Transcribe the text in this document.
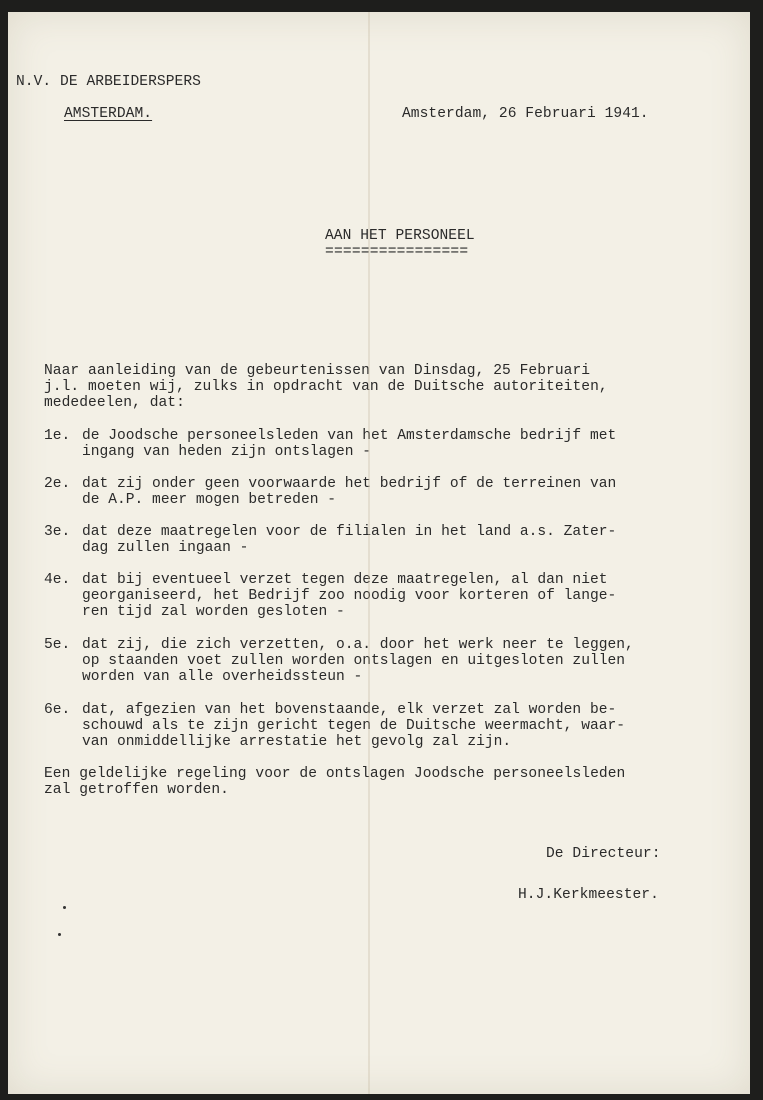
N.V. DE ARBEIDERSPERS
AMSTERDAM.	Amsterdam, 26 Februari 1941.
AAN HET PERSONEEL
================
Naar aanleiding van de gebeurtenissen van Dinsdag, 25 Februari
j.l. moeten wij, zulks in opdracht van de Duitsche autoriteiten,
mededeelen, dat:
1e. de Joodsche personeelsleden van het Amsterdamsche bedrijf met
ingang van heden zijn ontslagen -
2e. dat zij onder geen voorwaarde het bedrijf of de terreinen van
de A.P. meer mogen betreden -
3e. dat deze maatregelen voor de filialen in het land a.s. Zater-
dag zullen ingaan -
4e. dat bij eventueel verzet tegen deze maatregelen, al dan niet
georganiseerd, het Bedrijf zoo noodig voor korteren of lange-
ren tijd zal worden gesloten -
5e. dat zij, die zich verzetten, o.a. door het werk neer te leggen,
op staanden voet zullen worden ontslagen en uitgesloten zullen
worden van alle overheidssteun -
6e. dat, afgezien van het bovenstaande, elk verzet zal worden be-
schouwd als te zijn gericht tegen de Duitsche weermacht, waar-
van onmiddellijke arrestatie het gevolg zal zijn.
Een geldelijke regeling voor de ontslagen Joodsche personeelsleden
zal getroffen worden.
De Directeur:
H.J.Kerkmeester.
